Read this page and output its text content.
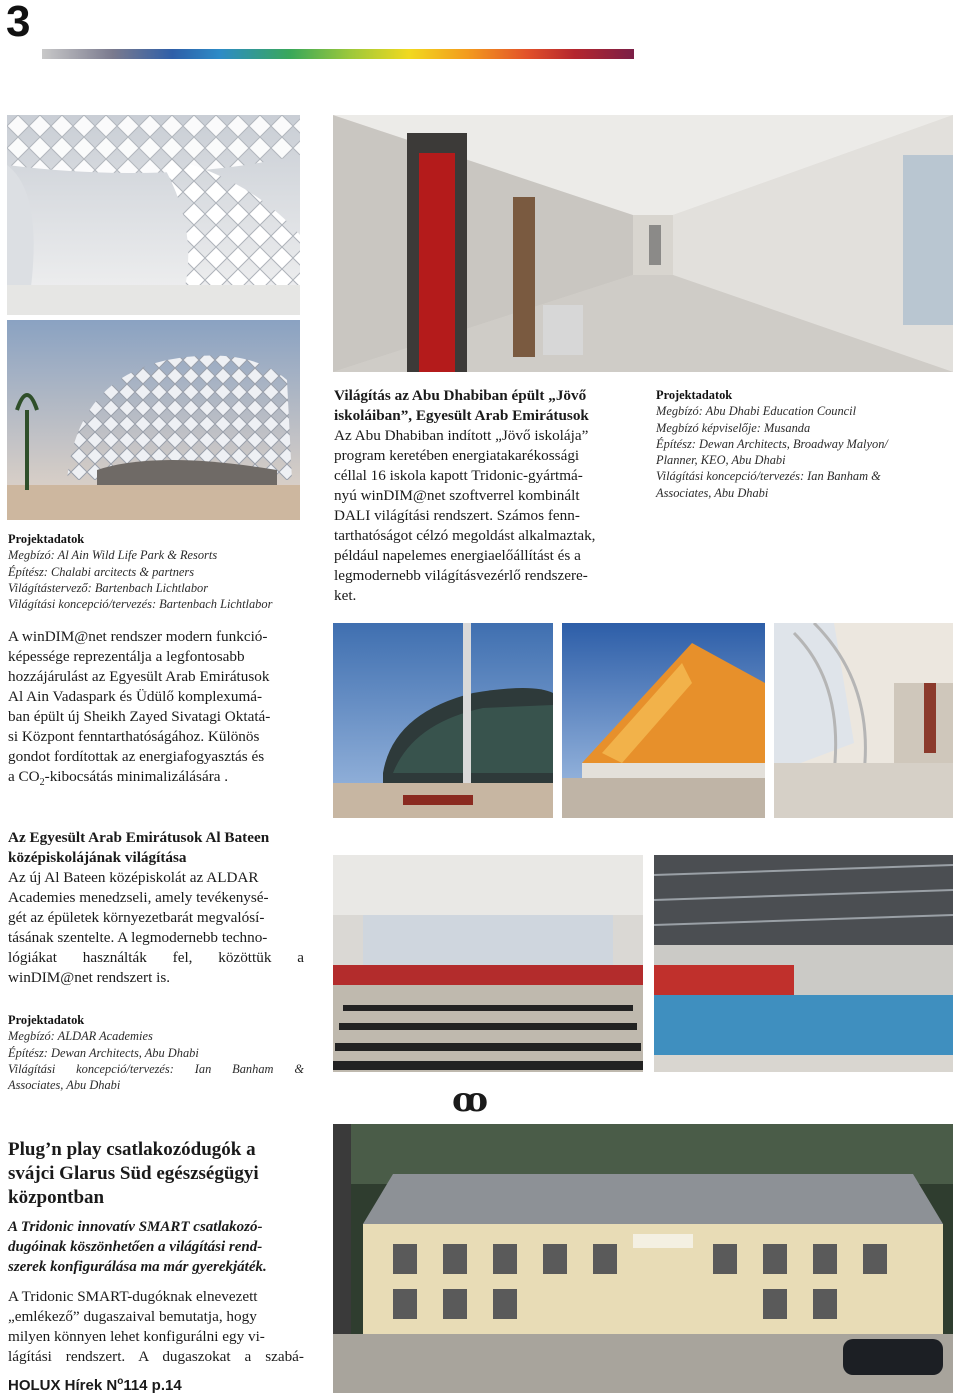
3
Projektadatok
Megbízó: Al Ain Wild Life Park & Resorts
Építész: Chalabi arcitects & partners
Világítástervező: Bartenbach Lichtlabor
Világítási koncepció/tervezés: Bartenbach Lichtlabor
A winDIM@net rendszer modern funkció-
képessége reprezentálja a legfontosabb
hozzájárulást az Egyesült Arab Emirátusok
Al Ain Vadaspark és Üdülő komplexumá-
ban épült új Sheikh Zayed Sivatagi Oktatá-
si Központ fenntarthatóságához. Különös
gondot fordítottak az energiafogyasztás és
a $CO_2$-kibocsátás minimalizálására .
Világítás az Abu Dhabiban épült „Jövő iskoláiban”, Egyesült Arab Emirátusok
Az Abu Dhabiban indított „Jövő iskolája”
program keretében energiatakarékossági
céllal 16 iskola kapott Tridonic-gyártmá-
nyú winDIM@net szoftverrel kombinált
DALI világítási rendszert. Számos fenn-
tarthatóságot célzó megoldást alkalmaztak,
például napelemes energiaelőállítást és a
legmodernebb világításvezérlő rendszere-
ket.
Projektadatok
Megbízó: Abu Dhabi Education Council
Megbízó képviselője: Musanda
Építész: Dewan Architects, Broadway Malyon/
Planner, KEO, Abu Dhabi
Világítási koncepció/tervezés: Ian Banham &
Associates, Abu Dhabi
Az Egyesült Arab Emirátusok Al Bateen
középiskolájának világítása
Az új Al Bateen középiskolát az ALDAR
Academies menedzseli, amely tevékenysé-
gét az épületek környezetbarát megvalósí-
tásának szentelte. A legmodernebb techno-
lógiákat használták fel, közöttük a
winDIM@net rendszert is.
Projektadatok
Megbízó: ALDAR Academies
Építész: Dewan Architects, Abu Dhabi
Világítási koncepció/tervezés: Ian Banham &
Associates, Abu Dhabi	ꝏ
Plug’n play csatlakozódugók a
svájci Glarus Süd egészségügyi
központban
A Tridonic innovatív SMART csatlakozó-
dugóinak köszönhetően a világítási rend-
szerek konfigurálása ma már gyerekjáték.
A Tridonic SMART-dugóknak elnevezett
„emlékező” dugaszaival bemutatja, hogy
milyen könnyen lehet konfigurálni egy vi-
lágítási rendszert. A dugaszokat a szabá-
HOLUX Hírek $N^o114$ p.14
